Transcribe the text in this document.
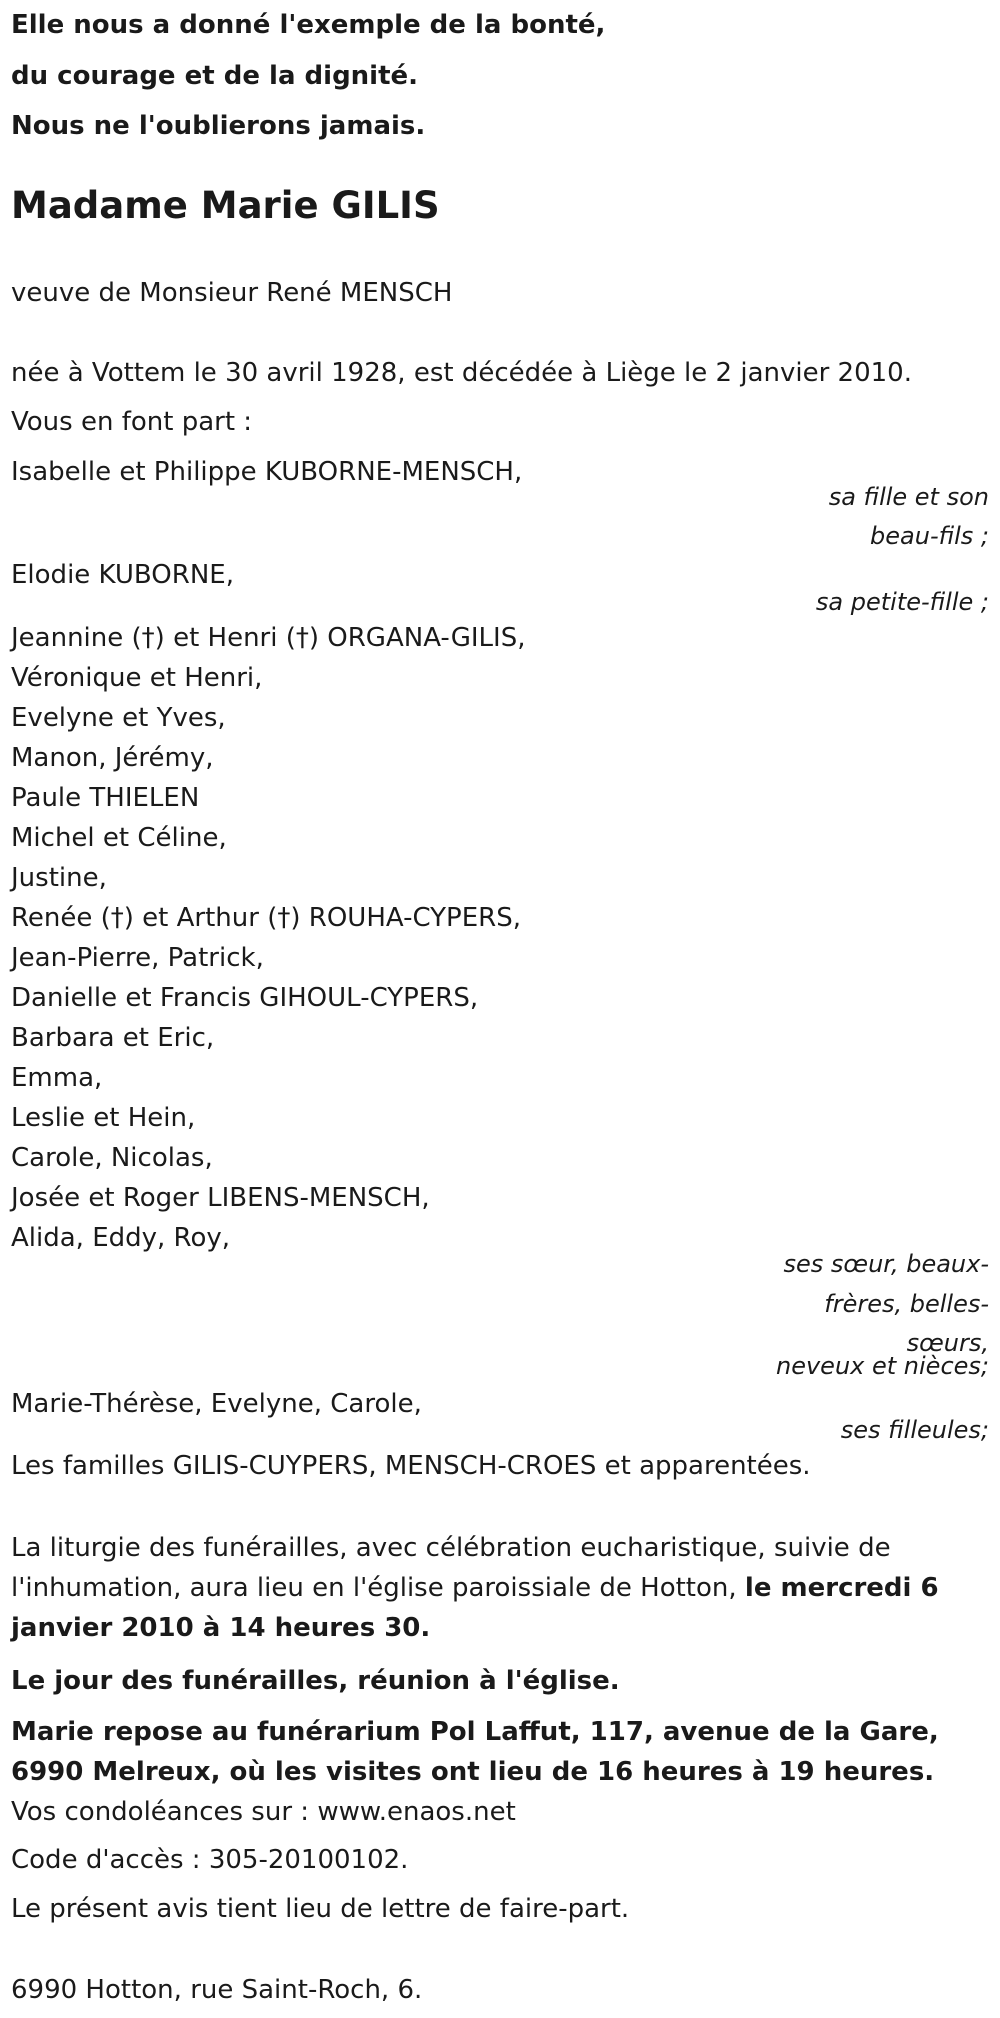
Elle nous a donné l'exemple de la bonté,

du courage et de la dignité.

Nous ne l'oublierons jamais.

Madame Marie GILIS

veuve de Monsieur René MENSCH

née à Vottem le 30 avril 1928, est décédée à Liège le 2 janvier 2010.

Vous en font part :

Isabelle et Philippe KUBORNE-MENSCH,

sa fille et son

beau-fils ;

Elodie KUBORNE,

sa petite-fille ;

Jeannine (†) et Henri (†) ORGANA-GILIS,

Véronique et Henri,

Evelyne et Yves,

Manon, Jérémy,

Paule THIELEN

Michel et Céline,

Justine,

Renée (†) et Arthur (†) ROUHA-CYPERS,

Jean-Pierre, Patrick,

Danielle et Francis GIHOUL-CYPERS,

Barbara et Eric,

Emma,

Leslie et Hein,

Carole, Nicolas,

Josée et Roger LIBENS-MENSCH,

Alida, Eddy, Roy,

ses sœur, beaux-

frères, belles-

sœurs,

neveux et nièces;

Marie-Thérèse, Evelyne, Carole,

ses filleules;

Les familles GILIS-CUYPERS, MENSCH-CROES et apparentées.

La liturgie des funérailles, avec célébration eucharistique, suivie de l'inhumation, aura lieu en l'église paroissiale de Hotton, le mercredi 6 janvier 2010 à 14 heures 30.

Le jour des funérailles, réunion à l'église.

Marie repose au funérarium Pol Laffut, 117, avenue de la Gare, 6990 Melreux, où les visites ont lieu de 16 heures à 19 heures. Vos condoléances sur : www.enaos.net

Code d'accès : 305-20100102.

Le présent avis tient lieu de lettre de faire-part.

6990 Hotton, rue Saint-Roch, 6.
